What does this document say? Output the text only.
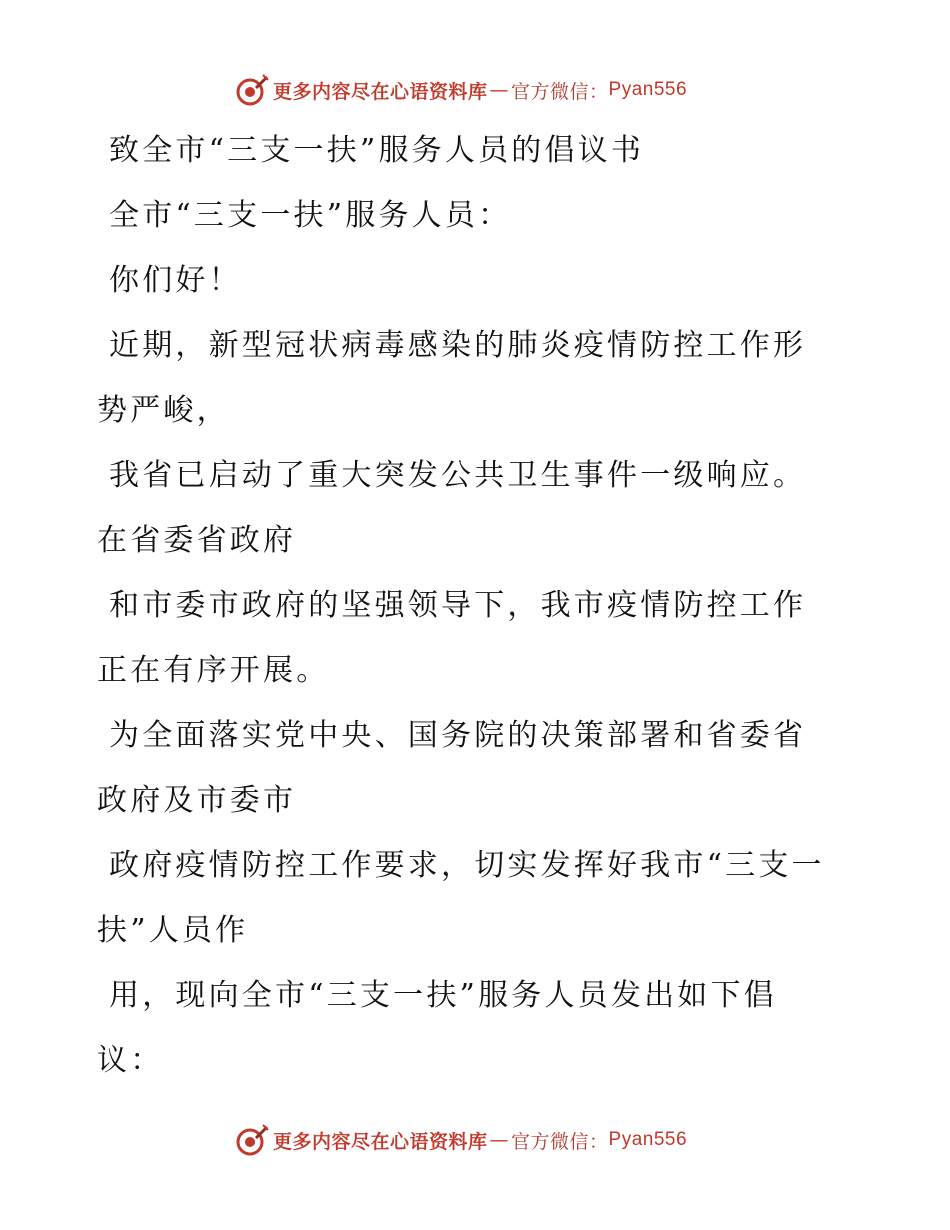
更多内容尽在心语资料库 — 官方微信： Pyan556

致全市“三支一扶”服务人员的倡议书

全市“三支一扶”服务人员：

你们好！

近期，新型冠状病毒感染的肺炎疫情防控工作形势严峻，

我省已启动了重大突发公共卫生事件一级响应。在省委省政府

和市委市政府的坚强领导下，我市疫情防控工作正在有序开展。

为全面落实党中央、国务院的决策部署和省委省政府及市委市

政府疫情防控工作要求，切实发挥好我市“三支一扶”人员作

用，现向全市“三支一扶”服务人员发出如下倡议：

更多内容尽在心语资料库 — 官方微信： Pyan556
